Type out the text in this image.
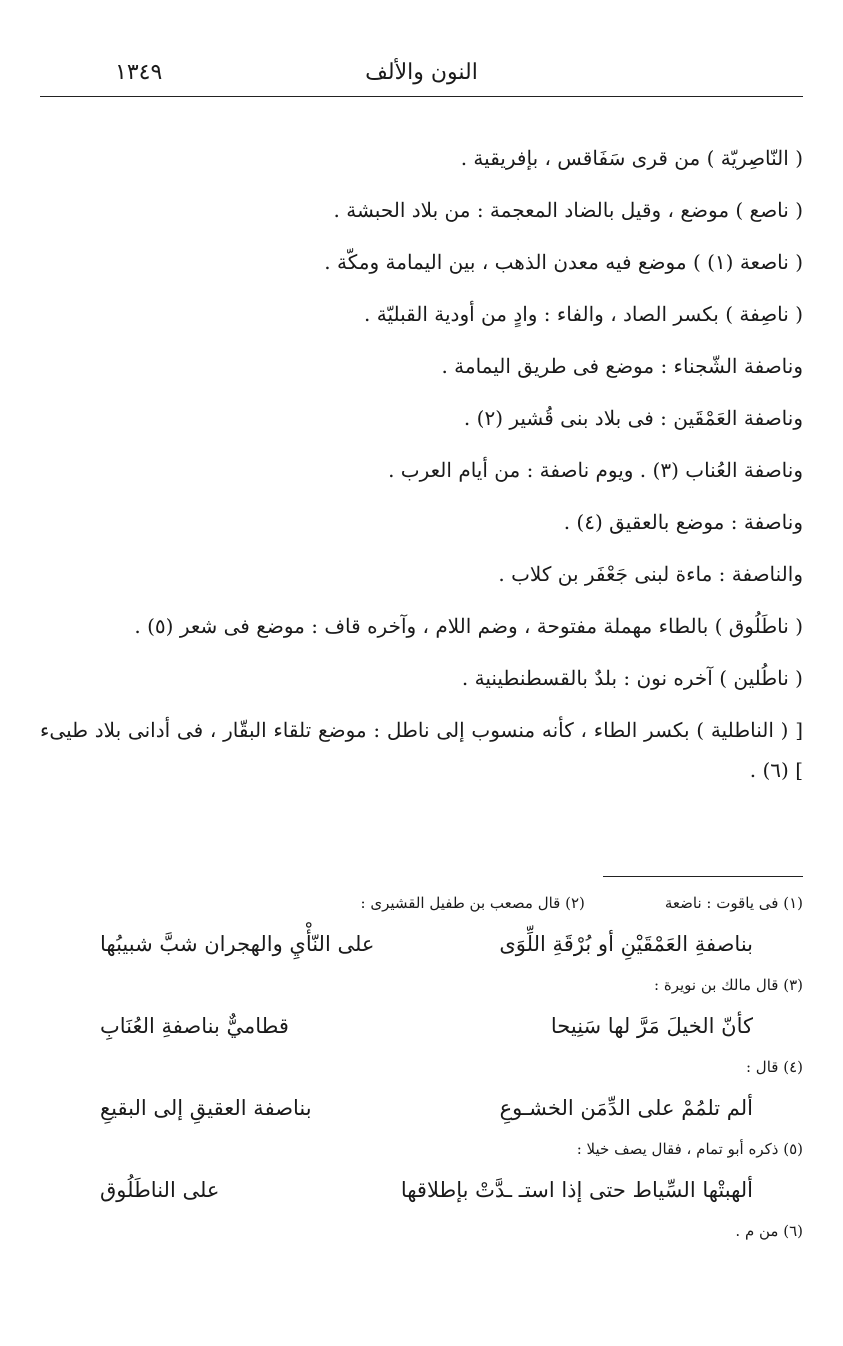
النون والألف
١٣٤٩

( النّاصِريّة ) من قرى سَفَاقس ، بإفريقية .

( ناصع ) موضع ، وقيل بالضاد المعجمة : من بلاد الحبشة .

( ناصعة (١) ) موضع فيه معدن الذهب ، بين اليمامة ومكّة .

( ناصِفة ) بكسر الصاد ، والفاء : وادٍ من أودية القبليّة .

وناصفة الشّجناء : موضع فى طريق اليمامة .

وناصفة العَمْقَين : فى بلاد بنى قُشير (٢) .

وناصفة العُناب (٣) . ويوم ناصفة : من أيام العرب .

وناصفة : موضع بالعقيق (٤) .

والناصفة : ماءة لبنى جَعْفَر بن كلاب .

( ناطَلُوق ) بالطاء مهملة مفتوحة ، وضم اللام ، وآخره قاف : موضع فى شعر (٥) .

( ناطُلين ) آخره نون : بلدٌ بالقسطنطينية .

[ ( الناطلية ) بكسر الطاء ، كأنه منسوب إلى ناطل : موضع تلقاء البقّار ، فى أدانى بلاد طيىء ] (٦) .

(١) فى ياقوت : ناضعة

(٢) قال مصعب بن طفيل القشيرى :

بناصفةِ العَمْقَيْنِ أو بُرْقَةِ اللِّوَى
على النّأْيِ والهجران شبَّ شبيبُها

(٣) قال مالك بن نويرة :

كأنّ الخيلَ مَرَّ لها سَنِيحا
قطاميٌّ بناصفةِ العُنَابِ

(٤) قال :

ألم تلمُمْ على الدِّمَن الخشـوعِ
بناصفة العقيقِ إلى البقيعِ

(٥) ذكره أبو تمام ، فقال يصف خيلا :

ألهبتْها السِّياط حتى إذا استـ ـدَّتْ بإطلاقها
على الناطَلُوق

(٦) من م .
